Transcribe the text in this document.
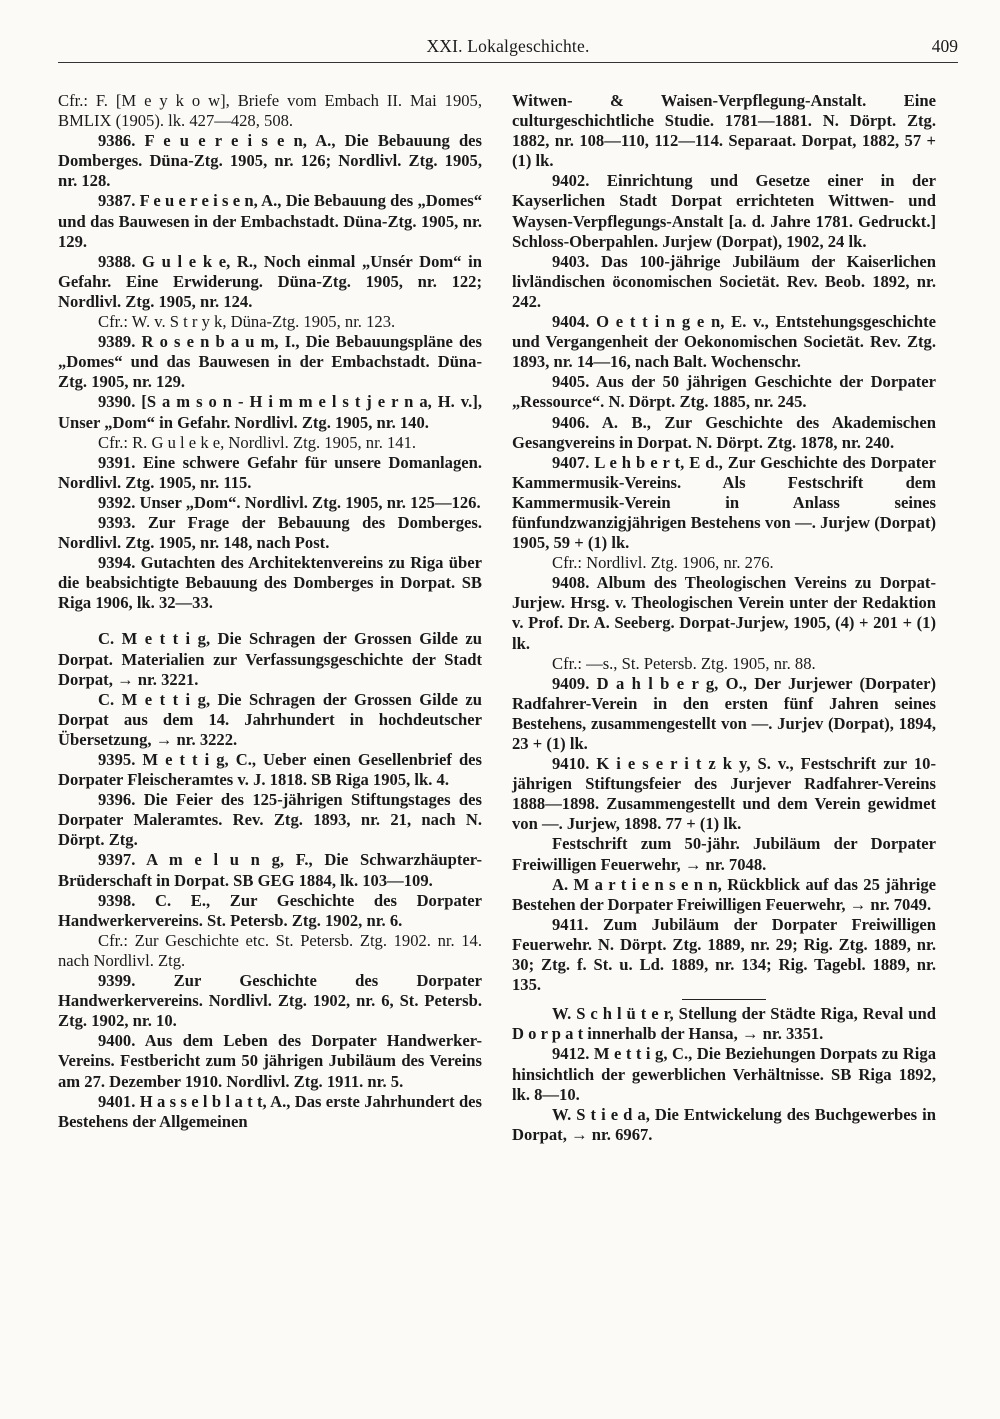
XXI. Lokalgeschichte.	409

Cfr.: F. [M e y k o w], Briefe vom Embach II. Mai 1905, BMLIX (1905). lk. 427—428, 508.

9386. F e u e r e i s e n, A., Die Bebauung des Domberges. Düna-Ztg. 1905, nr. 126; Nordlivl. Ztg. 1905, nr. 128.

9387. F e u e r e i s e n, A., Die Bebauung des „Domes“ und das Bauwesen in der Embachstadt. Düna-Ztg. 1905, nr. 129.

9388. G u l e k e, R., Noch einmal „Unsér Dom“ in Gefahr. Eine Erwiderung. Düna-Ztg. 1905, nr. 122; Nordlivl. Ztg. 1905, nr. 124.

Cfr.: W. v. S t r y k, Düna-Ztg. 1905, nr. 123.

9389. R o s e n b a u m, I., Die Bebauungspläne des „Domes“ und das Bauwesen in der Embachstadt. Düna-Ztg. 1905, nr. 129.

9390. [S a m s o n - H i m m e l s t j e r n a, H. v.], Unser „Dom“ in Gefahr. Nordlivl. Ztg. 1905, nr. 140.

Cfr.: R. G u l e k e, Nordlivl. Ztg. 1905, nr. 141.

9391. Eine schwere Gefahr für unsere Domanlagen. Nordlivl. Ztg. 1905, nr. 115.

9392. Unser „Dom“. Nordlivl. Ztg. 1905, nr. 125—126.

9393. Zur Frage der Bebauung des Domberges. Nordlivl. Ztg. 1905, nr. 148, nach Post.

9394. Gutachten des Architektenvereins zu Riga über die beabsichtigte Bebauung des Domberges in Dorpat. SB Riga 1906, lk. 32—33.

C. M e t t i g, Die Schragen der Grossen Gilde zu Dorpat. Materialien zur Verfassungsgeschichte der Stadt Dorpat, → nr. 3221.

C. M e t t i g, Die Schragen der Grossen Gilde zu Dorpat aus dem 14. Jahrhundert in hochdeutscher Übersetzung, → nr. 3222.

9395. M e t t i g, C., Ueber einen Gesellenbrief des Dorpater Fleischeramtes v. J. 1818. SB Riga 1905, lk. 4.

9396. Die Feier des 125-jährigen Stiftungstages des Dorpater Maleramtes. Rev. Ztg. 1893, nr. 21, nach N. Dörpt. Ztg.

9397. A m e l u n g, F., Die Schwarzhäupter-Brüderschaft in Dorpat. SB GEG 1884, lk. 103—109.

9398. C. E., Zur Geschichte des Dorpater Handwerkervereins. St. Petersb. Ztg. 1902, nr. 6.

Cfr.: Zur Geschichte etc. St. Petersb. Ztg. 1902. nr. 14. nach Nordlivl. Ztg.

9399. Zur Geschichte des Dorpater Handwerkervereins. Nordlivl. Ztg. 1902, nr. 6, St. Petersb. Ztg. 1902, nr. 10.

9400. Aus dem Leben des Dorpater Handwerker-Vereins. Festbericht zum 50 jährigen Jubiläum des Vereins am 27. Dezember 1910. Nordlivl. Ztg. 1911. nr. 5.

9401. H a s s e l b l a t t, A., Das erste Jahrhundert des Bestehens der Allgemeinen

Witwen- & Waisen-Verpflegung-Anstalt. Eine culturgeschichtliche Studie. 1781—1881. N. Dörpt. Ztg. 1882, nr. 108—110, 112—114. Separaat. Dorpat, 1882, 57 + (1) lk.

9402. Einrichtung und Gesetze einer in der Kayserlichen Stadt Dorpat errichteten Wittwen- und Waysen-Verpflegungs-Anstalt [a. d. Jahre 1781. Gedruckt.] Schloss-Oberpahlen. Jurjew (Dorpat), 1902, 24 lk.

9403. Das 100-jährige Jubiläum der Kaiserlichen livländischen öconomischen Societät. Rev. Beob. 1892, nr. 242.

9404. O e t t i n g e n, E. v., Entstehungsgeschichte und Vergangenheit der Oekonomischen Societät. Rev. Ztg. 1893, nr. 14—16, nach Balt. Wochenschr.

9405. Aus der 50 jährigen Geschichte der Dorpater „Ressource“. N. Dörpt. Ztg. 1885, nr. 245.

9406. A. B., Zur Geschichte des Akademischen Gesangvereins in Dorpat. N. Dörpt. Ztg. 1878, nr. 240.

9407. L e h b e r t, E d., Zur Geschichte des Dorpater Kammermusik-Vereins. Als Festschrift dem Kammermusik-Verein in Anlass seines fünfundzwanzigjährigen Bestehens von —. Jurjew (Dorpat) 1905, 59 + (1) lk.

Cfr.: Nordlivl. Ztg. 1906, nr. 276.

9408. Album des Theologischen Vereins zu Dorpat-Jurjew. Hrsg. v. Theologischen Verein unter der Redaktion v. Prof. Dr. A. Seeberg. Dorpat-Jurjew, 1905, (4) + 201 + (1) lk.

Cfr.: —s., St. Petersb. Ztg. 1905, nr. 88.

9409. D a h l b e r g, O., Der Jurjewer (Dorpater) Radfahrer-Verein in den ersten fünf Jahren seines Bestehens, zusammengestellt von —. Jurjev (Dorpat), 1894, 23 + (1) lk.

9410. K i e s e r i t z k y, S. v., Festschrift zur 10-jährigen Stiftungsfeier des Jurjever Radfahrer-Vereins 1888—1898. Zusammengestellt und dem Verein gewidmet von —. Jurjew, 1898. 77 + (1) lk.

Festschrift zum 50-jähr. Jubiläum der Dorpater Freiwilligen Feuerwehr, → nr. 7048.

A. M a r t i e n s e n n, Rückblick auf das 25 jährige Bestehen der Dorpater Freiwilligen Feuerwehr, → nr. 7049.

9411. Zum Jubiläum der Dorpater Freiwilligen Feuerwehr. N. Dörpt. Ztg. 1889, nr. 29; Rig. Ztg. 1889, nr. 30; Ztg. f. St. u. Ld. 1889, nr. 134; Rig. Tagebl. 1889, nr. 135.

W. S c h l ü t e r, Stellung der Städte Riga, Reval und D o r p a t innerhalb der Hansa, → nr. 3351.

9412. M e t t i g, C., Die Beziehungen Dorpats zu Riga hinsichtlich der gewerblichen Verhältnisse. SB Riga 1892, lk. 8—10.

W. S t i e d a, Die Entwickelung des Buchgewerbes in Dorpat, → nr. 6967.
